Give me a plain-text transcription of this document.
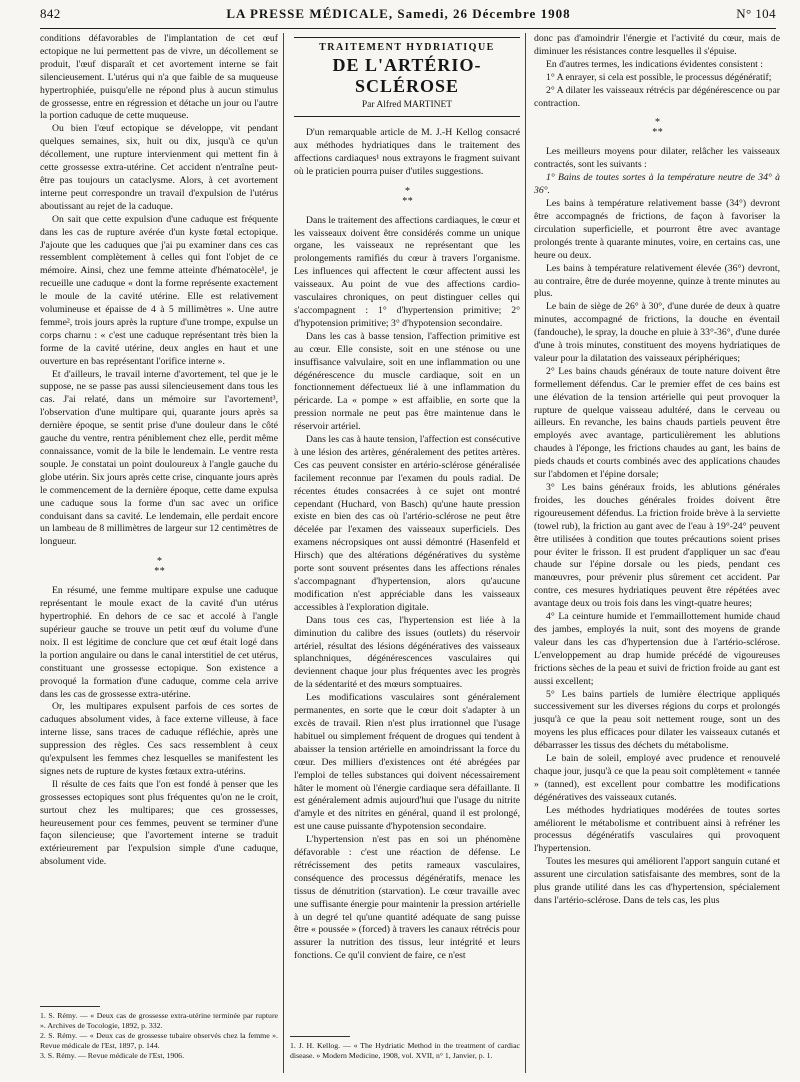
842	LA PRESSE MÉDICALE, Samedi, 26 Décembre 1908	N° 104

conditions défavorables de l'implantation de cet œuf ectopique ne lui permettent pas de vivre, un décollement se produit, l'œuf disparaît et cet avortement interne se fait silencieusement. L'utérus qui n'a que faible de sa muqueuse hypertrophiée, puisqu'elle ne répond plus à aucun stimulus de grossesse, entre en régression et détache un jour ou l'autre la portion caduque de cette muqueuse.

Ou bien l'œuf ectopique se développe, vit pendant quelques semaines, six, huit ou dix, jusqu'à ce qu'un décollement, une rupture intervienment qui mettent fin à cette grossesse extra-utérine. Cet accident n'entraîne peut-être pas toujours un cataclysme. Alors, à cet avortement interne peut correspondre un travail d'expulsion de l'utérus aboutissant au rejet de la caduque.

On sait que cette expulsion d'une caduque est fréquente dans les cas de rupture avérée d'un kyste fœtal ectopique. J'ajoute que les caduques que j'ai pu examiner dans ces cas ressemblent complètement à celles qui font l'objet de ce mémoire. Ainsi, chez une femme atteinte d'hématocèle¹, je recueille une caduque « dont la forme représente exactement le moule de la cavité utérine. Elle est relativement volumineuse et épaisse de 4 à 5 millimètres ». Une autre femme², trois jours après la rupture d'une trompe, expulse un corps charnu : « c'est une caduque représentant très bien la forme de la cavité utérine, deux angles en haut et une ouverture en bas représentant l'orifice interne ».

Et d'ailleurs, le travail interne d'avortement, tel que je le suppose, ne se passe pas aussi silencieusement dans tous les cas. J'ai relaté, dans un mémoire sur l'avortement³, l'observation d'une multipare qui, quarante jours après sa dernière époque, se sentit prise d'une douleur dans le côté gauche du ventre, rentra péniblement chez elle, perdit même connaissance, vomit de la bile le lendemain. Le ventre resta souple. Je constatai un point douloureux à l'angle gauche du globe utérin. Six jours après cette crise, cinquante jours après le commencement de la dernière époque, cette dame expulsa une caduque sous la forme d'un sac avec un orifice conduisant dans sa cavité. Le lendemain, elle perdait encore un lambeau de 8 millimètres de largeur sur 12 centimètres de longueur.

*
* *

En résumé, une femme multipare expulse une caduque représentant le moule exact de la cavité d'un utérus hypertrophié. En dehors de ce sac et accolé à l'angle supérieur gauche se trouve un petit œuf du volume d'une noix. Il est légitime de conclure que cet œuf était logé dans la portion angulaire ou dans le canal interstitiel de cet utérus, constituant une grossesse ectopique. Son existence a provoqué la formation d'une caduque, comme cela arrive dans les cas de grossesse extra-utérine.

Or, les multipares expulsent parfois de ces sortes de caduques absolument vides, à face externe villeuse, à face interne lisse, sans traces de caduque réfléchie, après une suppression des règles. Ces sacs ressemblent à ceux qu'expulsent les femmes chez lesquelles se manifestent les signes nets de rupture de kystes fœtaux extra-utérins.

Il résulte de ces faits que l'on est fondé à penser que les grossesses ectopiques sont plus fréquentes qu'on ne le croit, surtout chez les multipares; que ces grossesses, heureusement pour ces femmes, peuvent se terminer d'une façon silencieuse; que l'avortement interne se traduit extérieurement par l'expulsion simple d'une caduque, absolument vide.

1. S. Rémy. — « Deux cas de grossesse extra-utérine terminée par rupture ». Archives de Tocologie, 1892, p. 332.
2. S. Rémy. — « Deux cas de grossesse tubaire observés chez la femme ». Revue médicale de l'Est, 1897, p. 144.
3. S. Rémy. — Revue médicale de l'Est, 1906.
TRAITEMENT HYDRIATIQUE
DE L'ARTÉRIO-SCLÉROSE
Par Alfred MARTINET

D'un remarquable article de M. J.-H Kellog consacré aux méthodes hydriatiques dans le traitement des affections cardiaques¹ nous extrayons le fragment suivant où le praticien pourra puiser d'utiles suggestions.

*
* *

Dans le traitement des affections cardiaques, le cœur et les vaisseaux doivent être considérés comme un unique organe, les vaisseaux ne représentant que les prolongements ramifiés du cœur à travers l'organisme. Les influences qui affectent le cœur affectent aussi les vaisseaux. Au point de vue des affections cardio-vasculaires chroniques, on peut distinguer celles qui s'accompagnent : 1° d'hypertension primitive; 2° d'hypotension primitive; 3° d'hypotension secondaire.

Dans les cas à basse tension, l'affection primitive est au cœur. Elle consiste, soit en une sténose ou une insuffisance valvulaire, soit en une inflammation ou une dégénérescence du muscle cardiaque, soit en un fonctionnement défectueux lié à une inflammation du péricarde. La « pompe » est affaiblie, en sorte que la pression normale ne peut pas être maintenue dans le réservoir artériel.

Dans les cas à haute tension, l'affection est consécutive à une lésion des artères, généralement des petites artères. Ces cas peuvent consister en artério-sclérose généralisée facilement reconnue par l'examen du pouls radial. De récentes études consacrées à ce sujet ont montré cependant (Huchard, von Basch) qu'une haute pression existe en bien des cas où l'artério-sclérose ne peut être décelée par l'examen des vaisseaux superficiels. Des examens nécropsiques ont aussi démontré (Hasenfeld et Hirsch) que des altérations dégénératives du système porte sont souvent présentes dans les affections rénales s'accompagnant d'hypertension, alors qu'aucune modification n'est appréciable dans les vaisseaux accessibles à l'exploration digitale.

Dans tous ces cas, l'hypertension est liée à la diminution du calibre des issues (outlets) du réservoir artériel, résultat des lésions dégénératives des vaisseaux splanchniques, dégénérescences vasculaires qui deviennent chaque jour plus fréquentes avec les progrès de la sédentarité et des mœurs somptuaires.

Les modifications vasculaires sont généralement permanentes, en sorte que le cœur doit s'adapter à un excès de travail. Rien n'est plus irrationnel que l'usage habituel ou simplement fréquent de drogues qui tendent à abaisser la tension artérielle en amoindrissant la force du cœur. Des milliers d'existences ont été abrégées par l'emploi de telles substances qui doivent nécessairement hâter le moment où l'énergie cardiaque sera défaillante. Il est généralement admis aujourd'hui que l'usage du nitrite d'amyle et des nitrites en général, quand il est prolongé, est une cause puissante d'hypotension secondaire.

L'hypertension n'est pas en soi un phénomène défavorable : c'est une réaction de défense. Le rétrécissement des petits rameaux vasculaires, conséquence des processus dégénératifs, menace les tissus de dénutrition (starvation). Le cœur travaille avec une suffisante énergie pour maintenir la pression artérielle à un degré tel qu'une quantité adéquate de sang puisse être « poussée » (forced) à travers les canaux rétrécis pour assurer la nutrition des tissus, leur intégrité et leurs fonctions. Ce qu'il convient de faire, ce n'est

1. J. H. Kellog. — « The Hydriatic Method in the treatment of cardiac disease. » Modern Medicine, 1908, vol. XVII, n° 1, Janvier, p. 1.

donc pas d'amoindrir l'énergie et l'activité du cœur, mais de diminuer les résistances contre lesquelles il s'épuise.

En d'autres termes, les indications évidentes consistent :

1° A enrayer, si cela est possible, le processus dégénératif;

2° A dilater les vaisseaux rétrécis par dégénérescence ou par contraction.

*
* *

Les meilleurs moyens pour dilater, relâcher les vaisseaux contractés, sont les suivants :

1° Bains de toutes sortes à la température neutre de 34° à 36°.

Les bains à température relativement basse (34°) devront être accompagnés de frictions, de façon à favoriser la circulation superficielle, et pourront être avec avantage prolongés trente à quarante minutes, voire, en certains cas, une heure ou deux.

Les bains à température relativement élevée (36°) devront, au contraire, être de durée moyenne, quinze à trente minutes au plus.

Le bain de siège de 26° à 30°, d'une durée de deux à quatre minutes, accompagné de frictions, la douche en éventail (fandouche), le spray, la douche en pluie à 33°-36°, d'une durée d'une à trois minutes, constituent des moyens hydriatiques de valeur pour la dilatation des vaisseaux périphériques;

2° Les bains chauds généraux de toute nature doivent être formellement défendus. Car le premier effet de ces bains est une élévation de la tension artérielle qui peut provoquer la rupture de quelque vaisseau adultéré, dans le cerveau ou ailleurs. En revanche, les bains chauds partiels peuvent être employés avec avantage, particulièrement les ablutions chaudes à l'éponge, les frictions chaudes au gant, les bains de pieds chauds et courts combinés avec des applications chaudes sur l'abdomen et l'épine dorsale;

3° Les bains généraux froids, les ablutions générales froides, les douches générales froides doivent être rigoureusement défendus. La friction froide brève à la serviette (towel rub), la friction au gant avec de l'eau à 19°-24° peuvent être utilisées à condition que toutes précautions soient prises pour éviter le frisson. Il est prudent d'appliquer un sac d'eau chaude sur l'épine dorsale ou les pieds, pendant ces manœuvres, pour prévenir plus sûrement cet accident. Par contre, ces mesures hydriatiques peuvent être répétées avec avantage deux ou trois fois dans les vingt-quatre heures;

4° La ceinture humide et l'emmaillottement humide chaud des jambes, employés la nuit, sont des moyens de grande valeur dans les cas d'hypertension due à l'artério-sclérose. L'enveloppement au drap humide précédé de vigoureuses frictions sèches de la peau et suivi de friction froide au gant est aussi excellent;

5° Les bains partiels de lumière électrique appliqués successivement sur les diverses régions du corps et prolongés jusqu'à ce que la peau soit nettement rouge, sont un des moyens les plus efficaces pour dilater les vaisseaux cutanés et débarrasser les tissus des déchets du métabolisme.

Le bain de soleil, employé avec prudence et renouvelé chaque jour, jusqu'à ce que la peau soit complètement « tannée » (tanned), est excellent pour combattre les modifications dégénératives des vaisseaux cutanés.

Les méthodes hydriatiques modérées de toutes sortes améliorent le métabolisme et contribuent ainsi à refréner les processus dégénératifs vasculaires qui provoquent l'hypertension.

Toutes les mesures qui améliorent l'apport sanguin cutané et assurent une circulation satisfaisante des membres, sont de la plus grande utilité dans les cas d'hypertension, spécialement dans l'artério-sclérose. Dans de tels cas, les plus
